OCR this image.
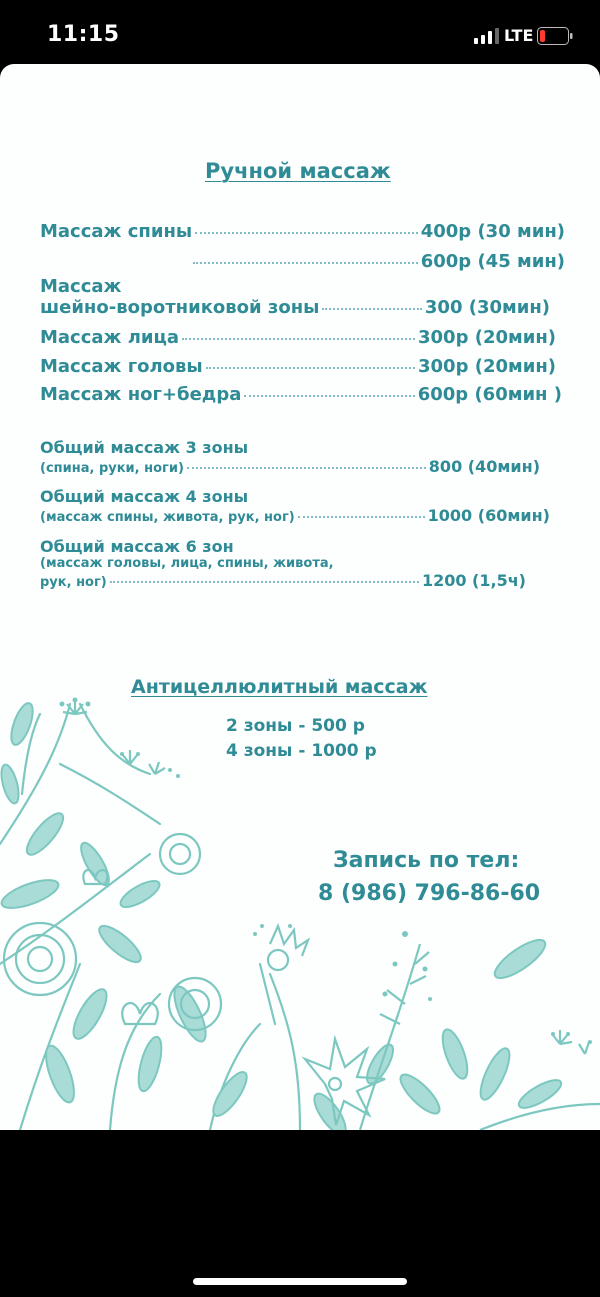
11:15	LTE
Ручной массаж
Массаж спины	400р (30 мин)
600р (45 мин)
Массаж
шейно-воротниковой зоны	300 (30мин)
Массаж лица	300р (20мин)
Массаж головы	300р (20мин)
Массаж ног+бедра	600р (60мин )
Общий массаж 3 зоны
(спина, руки, ноги)	800 (40мин)
Общий массаж 4 зоны
(массаж спины, живота, рук, ног)	1000 (60мин)
Общий массаж 6 зон
(массаж головы, лица, спины, живота,
рук, ног)	1200 (1,5ч)
Антицеллюлитный массаж
2 зоны - 500 р
4 зоны - 1000 р
Запись по тел:
8 (986) 796-86-60
